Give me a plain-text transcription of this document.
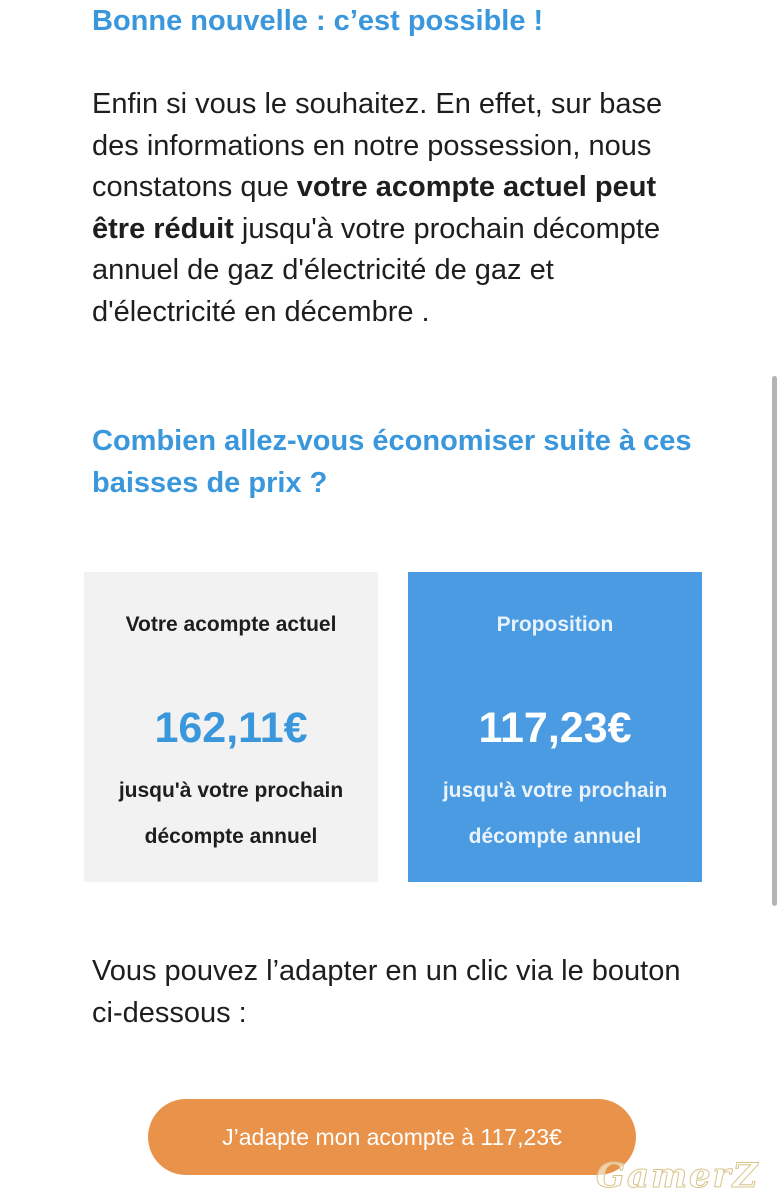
Bonne nouvelle : c’est possible !

Enfin si vous le souhaitez. En effet, sur base des informations en notre possession, nous constatons que votre acompte actuel peut être réduit jusqu'à votre prochain décompte annuel de gaz d'électricité de gaz et d'électricité en décembre .

Combien allez-vous économiser suite à ces baisses de prix ?
Votre acompte actuel
162,11€
jusqu'à votre prochain
décompte annuel
Proposition
117,23€
jusqu'à votre prochain
décompte annuel

Vous pouvez l’adapter en un clic via le bouton ci-dessous :

J’adapte mon acompte à 117,23€
GamerZ
